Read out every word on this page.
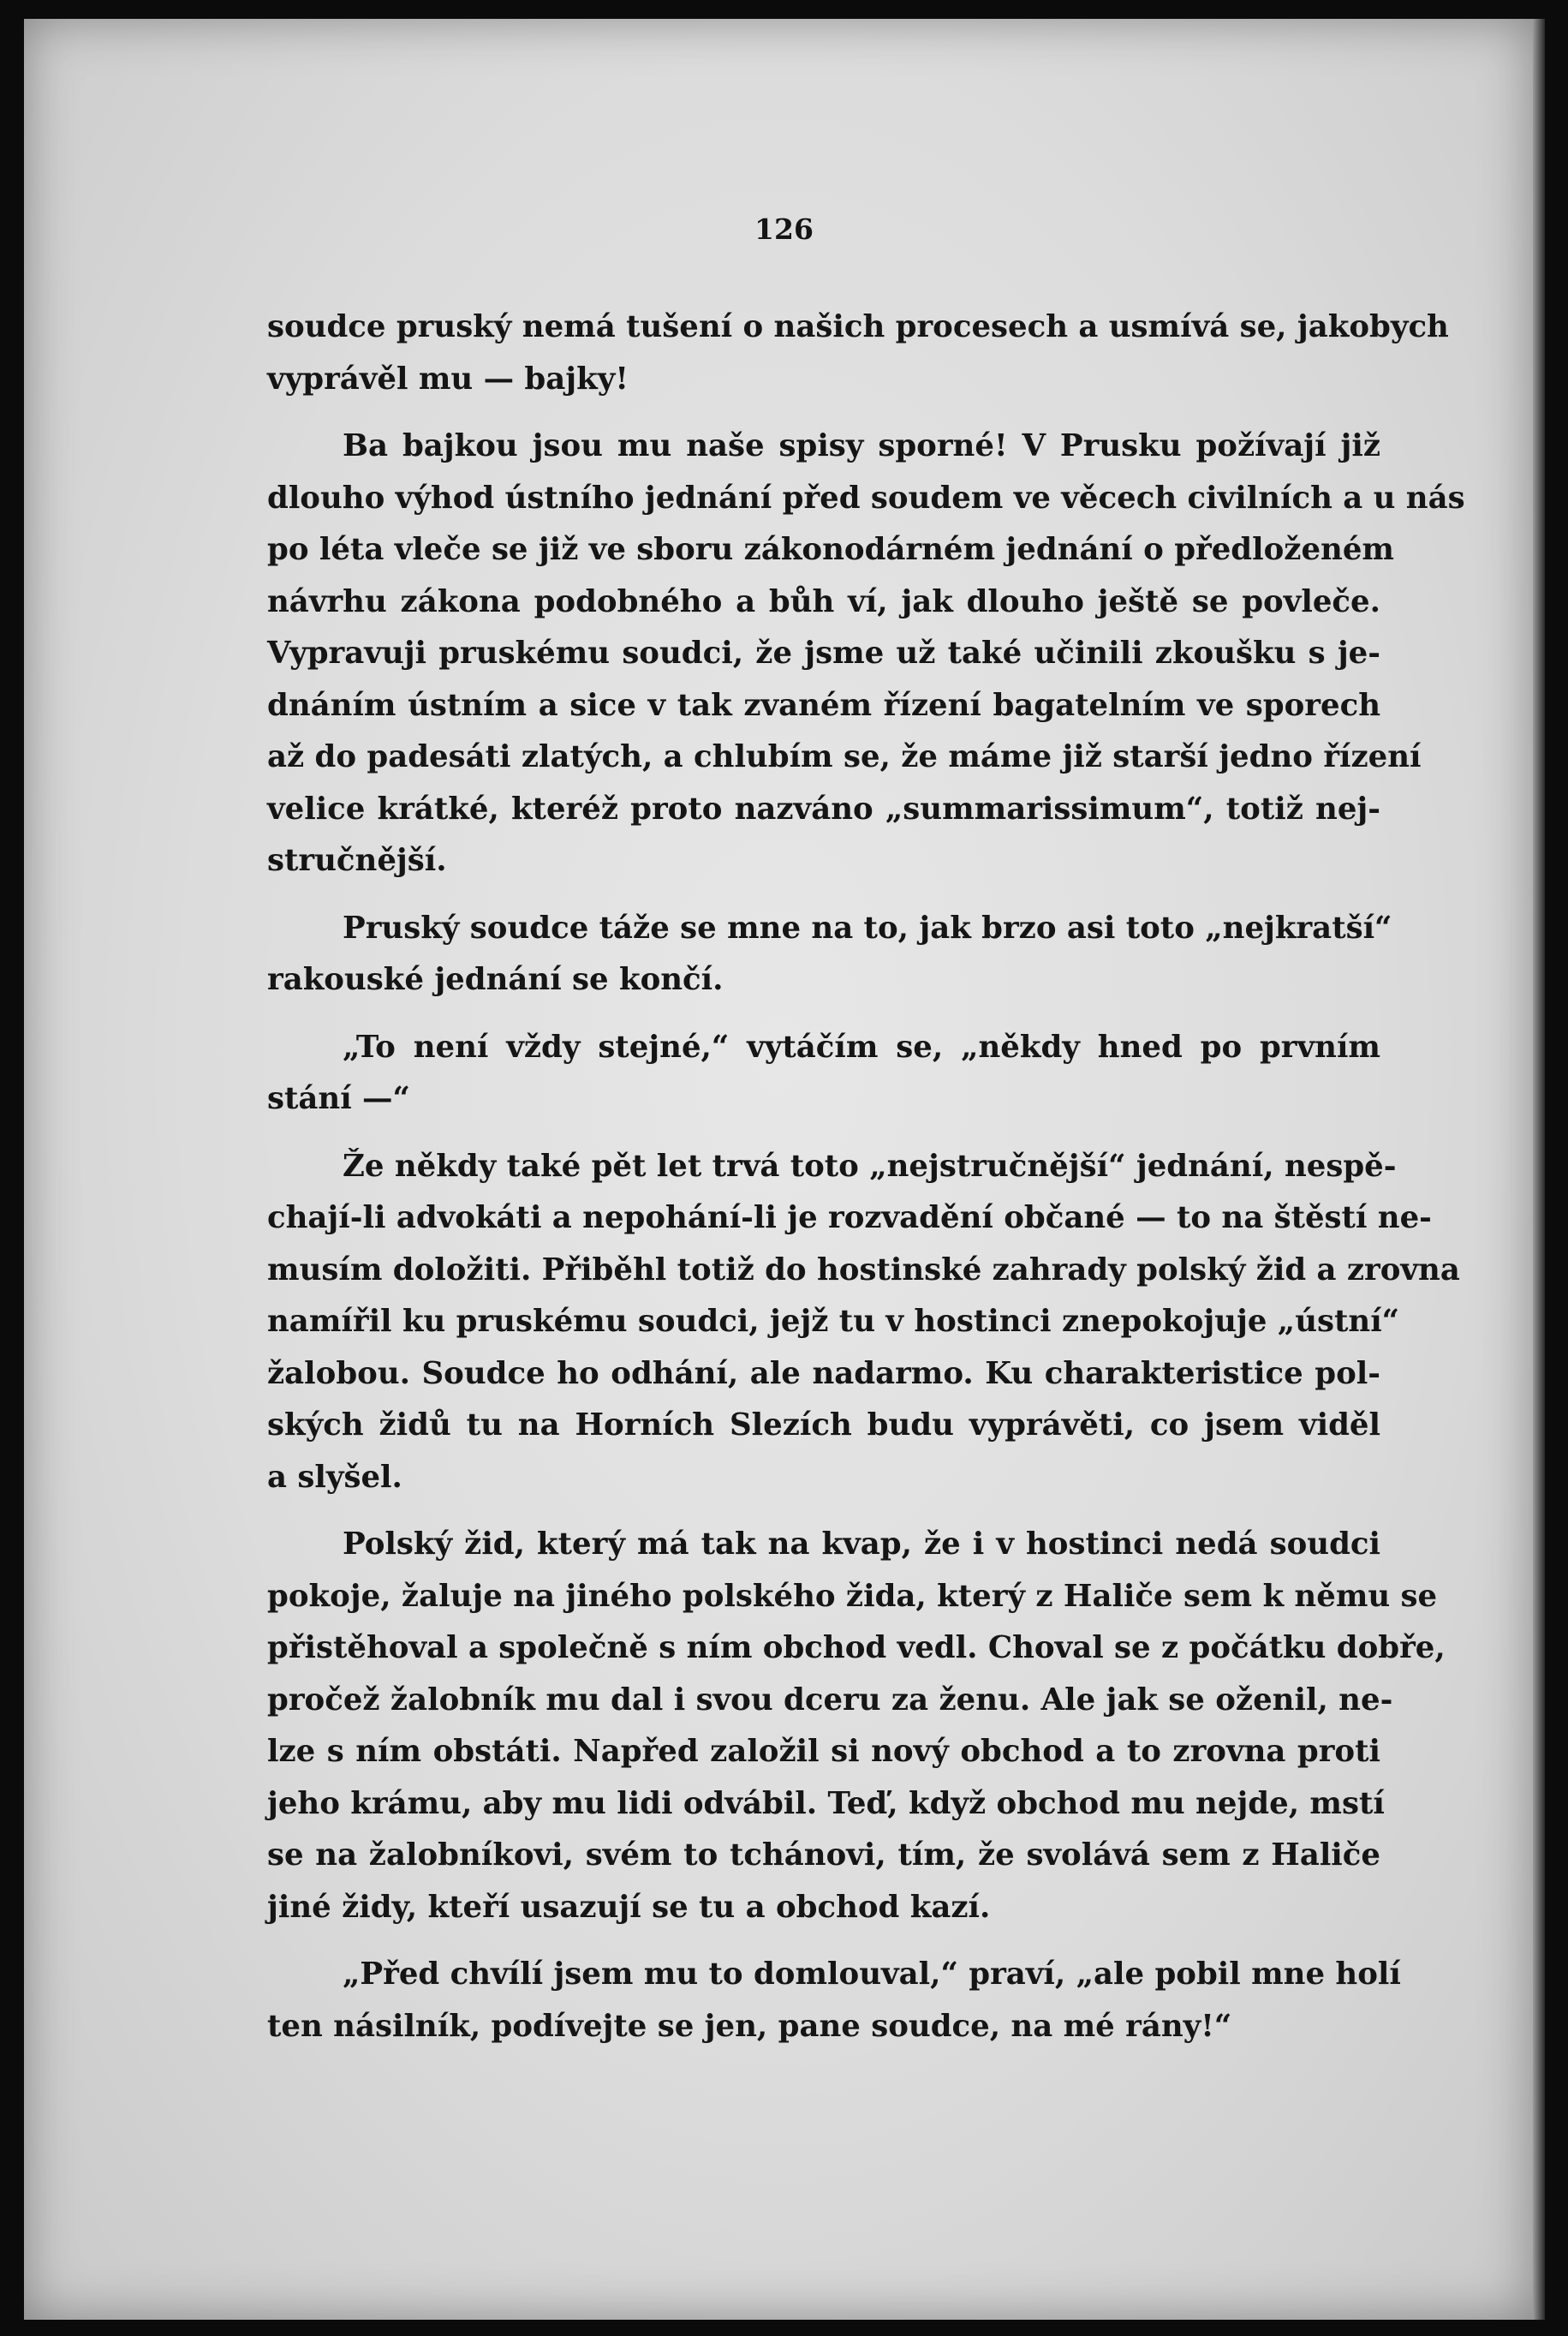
126
soudce pruský nemá tušení o našich procesech a usmívá se, jakobych
vyprávěl mu — bajky!
Ba bajkou jsou mu naše spisy sporné! V Prusku požívají již
dlouho výhod ústního jednání před soudem ve věcech civilních a u nás
po léta vleče se již ve sboru zákonodárném jednání o předloženém
návrhu zákona podobného a bůh ví, jak dlouho ještě se povleče.
Vypravuji pruskému soudci, že jsme už také učinili zkoušku s je-
dnáním ústním a sice v tak zvaném řízení bagatelním ve sporech
až do padesáti zlatých, a chlubím se, že máme již starší jedno řízení
velice krátké, kteréž proto nazváno „summarissimum“, totiž nej-
stručnější.
Pruský soudce táže se mne na to, jak brzo asi toto „nejkratší“
rakouské jednání se končí.
„To není vždy stejné,“ vytáčím se, „někdy hned po prvním
stání —“
Že někdy také pět let trvá toto „nejstručnější“ jednání, nespě-
chají-li advokáti a nepohání-li je rozvadění občané — to na štěstí ne-
musím doložiti. Přiběhl totiž do hostinské zahrady polský žid a zrovna
namířil ku pruskému soudci, jejž tu v hostinci znepokojuje „ústní“
žalobou. Soudce ho odhání, ale nadarmo. Ku charakteristice pol-
ských židů tu na Horních Slezích budu vyprávěti, co jsem viděl
a slyšel.
Polský žid, který má tak na kvap, že i v hostinci nedá soudci
pokoje, žaluje na jiného polského žida, který z Haliče sem k němu se
přistěhoval a společně s ním obchod vedl. Choval se z počátku dobře,
pročež žalobník mu dal i svou dceru za ženu. Ale jak se oženil, ne-
lze s ním obstáti. Napřed založil si nový obchod a to zrovna proti
jeho krámu, aby mu lidi odvábil. Teď, když obchod mu nejde, mstí
se na žalobníkovi, svém to tchánovi, tím, že svolává sem z Haliče
jiné židy, kteří usazují se tu a obchod kazí.
„Před chvílí jsem mu to domlouval,“ praví, „ale pobil mne holí
ten násilník, podívejte se jen, pane soudce, na mé rány!“
